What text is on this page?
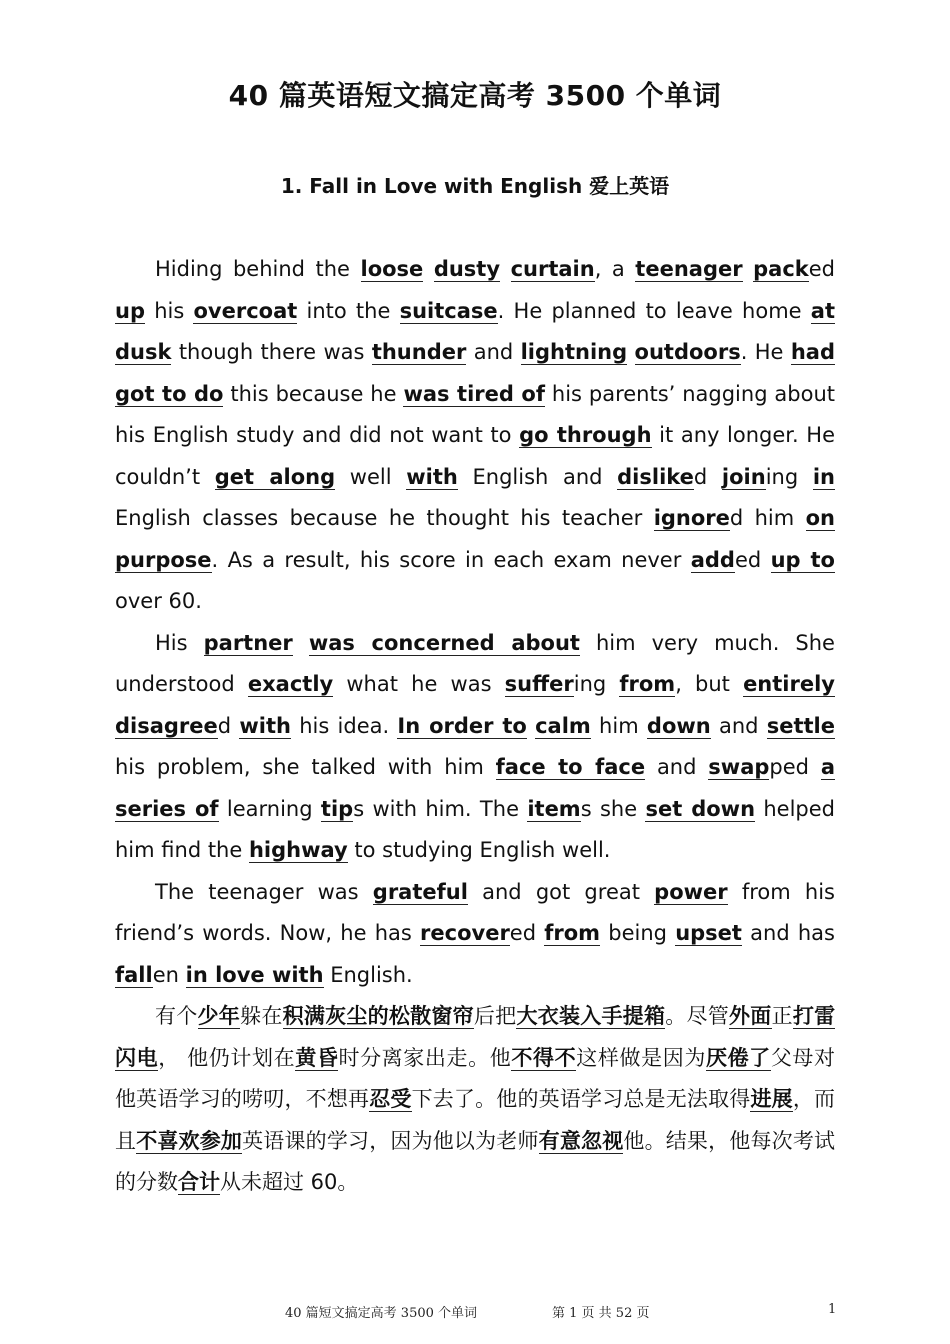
40 篇英语短文搞定高考 3500 个单词
1. Fall in Love with English 爱上英语

Hiding behind the loose dusty curtain, a teenager packed up his overcoat into the suitcase. He planned to leave home at dusk though there was thunder and lightning outdoors. He had got to do this because he was tired of his parents’ nagging about his English study and did not want to go through it any longer. He couldn’t get along well with English and disliked joining in English classes because he thought his teacher ignored him on purpose. As a result, his score in each exam never added up to over 60.

His partner was concerned about him very much. She understood exactly what he was suffering from, but entirely disagreed with his idea. In order to calm him down and settle his problem, she talked with him face to face and swapped a series of learning tips with him. The items she set down helped him find the highway to studying English well.

The teenager was grateful and got great power from his friend’s words. Now, he has recovered from being upset and has fallen in love with English.

有个少年躲在积满灰尘的松散窗帘后把大衣装入手提箱。尽管外面正打雷闪电， 他仍计划在黄昏时分离家出走。他不得不这样做是因为厌倦了父母对他英语学习的唠叨，不想再忍受下去了。他的英语学习总是无法取得进展，而且不喜欢参加英语课的学习，因为他以为老师有意忽视他。结果，他每次考试的分数合计从未超过 60。

40 篇短文搞定高考 3500 个单词	第 1 页 共 52 页	1
